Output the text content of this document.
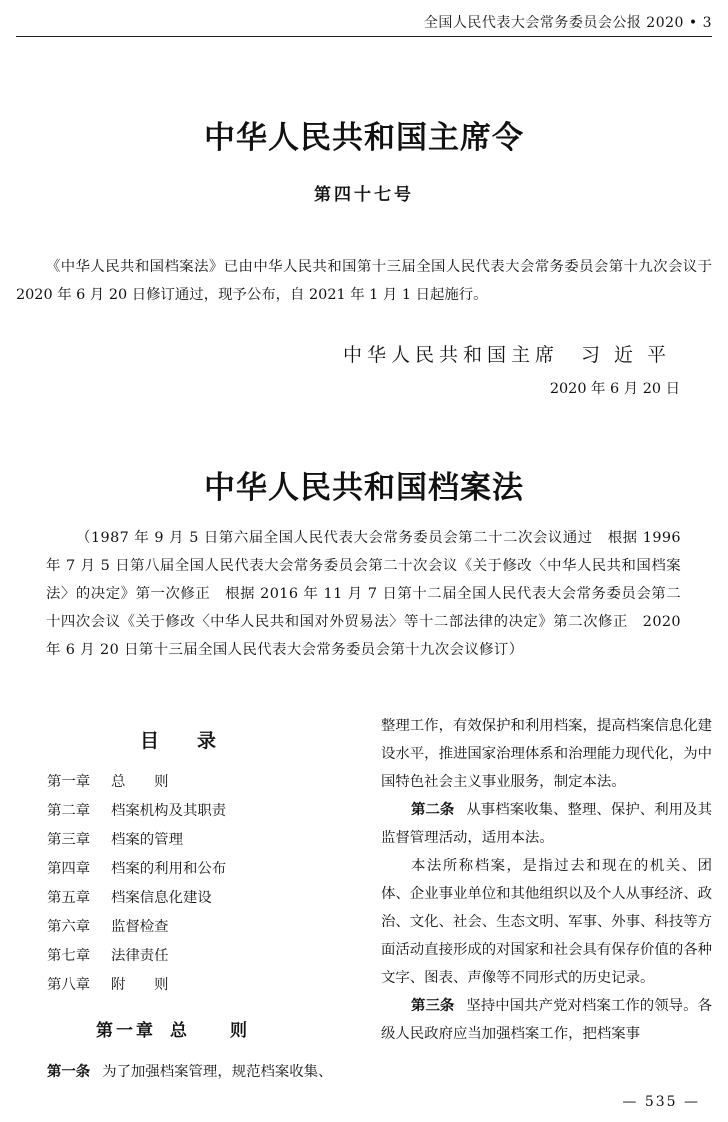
全国人民代表大会常务委员会公报 2020 • 3
中华人民共和国主席令
第四十七号
《中华人民共和国档案法》已由中华人民共和国第十三届全国人民代表大会常务委员会第十九次会议于 2020 年 6 月 20 日修订通过，现予公布，自 2021 年 1 月 1 日起施行。
中华人民共和国主席 习近平
2020 年 6 月 20 日
中华人民共和国档案法
（1987 年 9 月 5 日第六届全国人民代表大会常务委员会第二十二次会议通过　根据 1996 年 7 月 5 日第八届全国人民代表大会常务委员会第二十次会议《关于修改〈中华人民共和国档案法〉的决定》第一次修正　根据 2016 年 11 月 7 日第十二届全国人民代表大会常务委员会第二十四次会议《关于修改〈中华人民共和国对外贸易法〉等十二部法律的决定》第二次修正　2020 年 6 月 20 日第十三届全国人民代表大会常务委员会第十九次会议修订）
目录
第一章 总　　则
第二章 档案机构及其职责
第三章 档案的管理
第四章 档案的利用和公布
第五章 档案信息化建设
第六章 监督检查
第七章 法律责任
第八章 附　　则
第一章 总　　则
第一条 为了加强档案管理，规范档案收集、

整理工作，有效保护和利用档案，提高档案信息化建设水平，推进国家治理体系和治理能力现代化，为中国特色社会主义事业服务，制定本法。

第二条 从事档案收集、整理、保护、利用及其监督管理活动，适用本法。

本法所称档案，是指过去和现在的机关、团体、企业事业单位和其他组织以及个人从事经济、政治、文化、社会、生态文明、军事、外事、科技等方面活动直接形成的对国家和社会具有保存价值的各种文字、图表、声像等不同形式的历史记录。

第三条 坚持中国共产党对档案工作的领导。各级人民政府应当加强档案工作，把档案事

— 535 —
